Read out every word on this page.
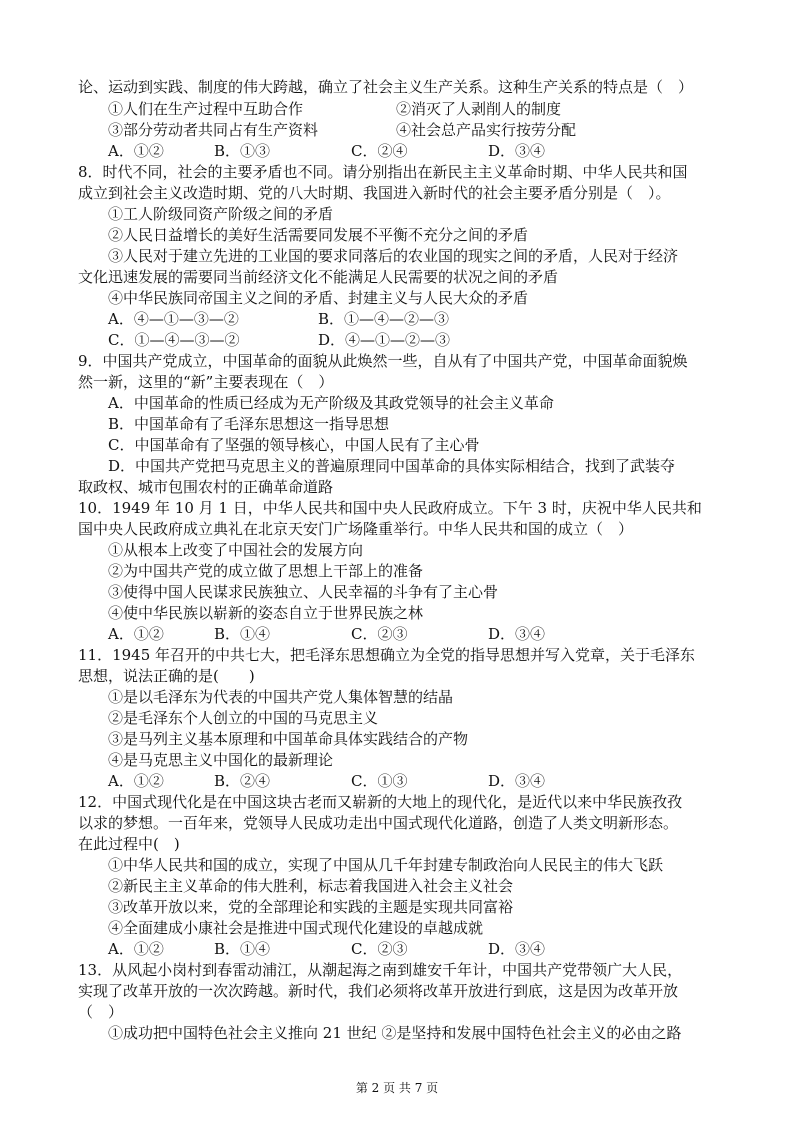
论、运动到实践、制度的伟大跨越，确立了社会主义生产关系。这种生产关系的特点是（　）
①人们在生产过程中互助合作	②消灭了人剥削人的制度
③部分劳动者共同占有生产资料	④社会总产品实行按劳分配
A．①②	B．①③	C．②④	D．③④
8．时代不同，社会的主要矛盾也不同。请分别指出在新民主主义革命时期、中华人民共和国
成立到社会主义改造时期、党的八大时期、我国进入新时代的社会主要矛盾分别是（　）。
①工人阶级同资产阶级之间的矛盾
②人民日益增长的美好生活需要同发展不平衡不充分之间的矛盾
③人民对于建立先进的工业国的要求同落后的农业国的现实之间的矛盾，人民对于经济
文化迅速发展的需要同当前经济文化不能满足人民需要的状况之间的矛盾
④中华民族同帝国主义之间的矛盾、封建主义与人民大众的矛盾
A．④—①—③—②	B．①—④—②—③
C．①—④—③—②	D．④—①—②—③
9．中国共产党成立，中国革命的面貌从此焕然一些，自从有了中国共产党，中国革命面貌焕
然一新，这里的“新”主要表现在（　）
A．中国革命的性质已经成为无产阶级及其政党领导的社会主义革命
B．中国革命有了毛泽东思想这一指导思想
C．中国革命有了坚强的领导核心，中国人民有了主心骨
D．中国共产党把马克思主义的普遍原理同中国革命的具体实际相结合，找到了武装夺
取政权、城市包围农村的正确革命道路
10．1949 年 10 月 1 日，中华人民共和国中央人民政府成立。下午 3 时，庆祝中华人民共和
国中央人民政府成立典礼在北京天安门广场隆重举行。中华人民共和国的成立（　）
①从根本上改变了中国社会的发展方向
②为中国共产党的成立做了思想上干部上的准备
③使得中国人民谋求民族独立、人民幸福的斗争有了主心骨
④使中华民族以崭新的姿态自立于世界民族之林
A．①②	B．①④	C．②③	D．③④
11．1945 年召开的中共七大，把毛泽东思想确立为全党的指导思想并写入党章，关于毛泽东
思想，说法正确的是(　　)
①是以毛泽东为代表的中国共产党人集体智慧的结晶
②是毛泽东个人创立的中国的马克思主义
③是马列主义基本原理和中国革命具体实践结合的产物
④是马克思主义中国化的最新理论
A．①②	B．②④	C．①③	D．③④
12．中国式现代化是在中国这块古老而又崭新的大地上的现代化，是近代以来中华民族孜孜
以求的梦想。一百年来，党领导人民成功走出中国式现代化道路，创造了人类文明新形态。
在此过程中(　)
①中华人民共和国的成立，实现了中国从几千年封建专制政治向人民民主的伟大飞跃
②新民主主义革命的伟大胜利，标志着我国进入社会主义社会
③改革开放以来，党的全部理论和实践的主题是实现共同富裕
④全面建成小康社会是推进中国式现代化建设的卓越成就
A．①②	B．①④	C．②③	D．③④
13．从风起小岗村到春雷动浦江，从潮起海之南到雄安千年计，中国共产党带领广大人民，
实现了改革开放的一次次跨越。新时代，我们必须将改革开放进行到底，这是因为改革开放
（　）
①成功把中国特色社会主义推向 21 世纪 ②是坚持和发展中国特色社会主义的必由之路
第 2 页 共 7 页
